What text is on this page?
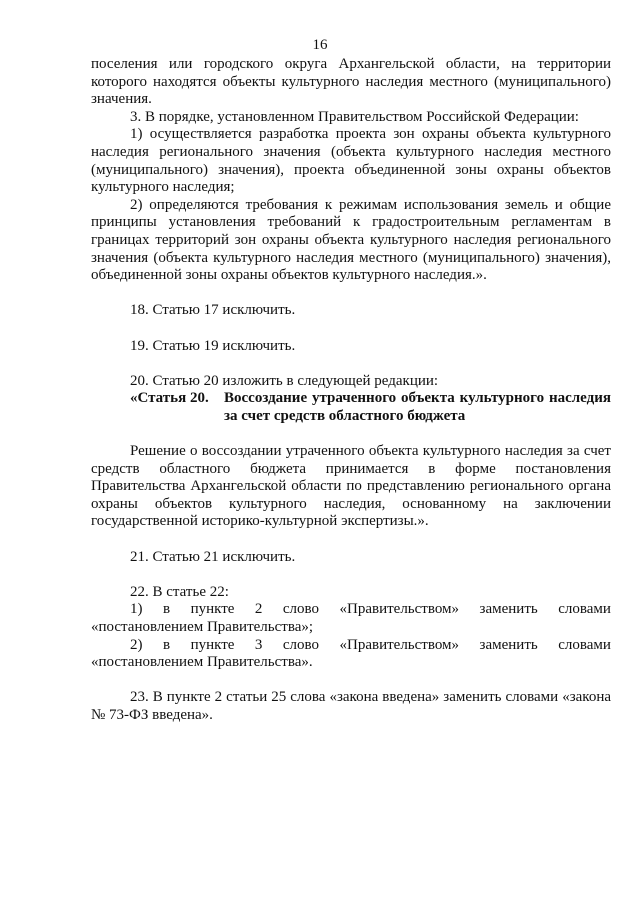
16

поселения или городского округа Архангельской области, на территории которого находятся объекты культурного наследия местного (муниципального) значения.

3. В порядке, установленном Правительством Российской Федерации:

1) осуществляется разработка проекта зон охраны объекта культурного наследия регионального значения (объекта культурного наследия местного (муниципального) значения), проекта объединенной зоны охраны объектов культурного наследия;

2) определяются требования к режимам использования земель и общие принципы установления требований к градостроительным регламентам в границах территорий зон охраны объекта культурного наследия регионального значения (объекта культурного наследия местного (муниципального) значения), объединенной зоны охраны объектов культурного наследия.».

18. Статью 17 исключить.

19. Статью 19 исключить.

20. Статью 20 изложить в следующей редакции:

«Статья 20.	Воссоздание утраченного объекта культурного наследия за счет средств областного бюджета

Решение о воссоздании утраченного объекта культурного наследия за счет средств областного бюджета принимается в форме постановления Правительства Архангельской области по представлению регионального органа охраны объектов культурного наследия, основанному на заключении государственной историко-культурной экспертизы.».

21. Статью 21 исключить.

22. В статье 22:

1) в пункте 2 слово «Правительством» заменить словами

«постановлением Правительства»;

2) в пункте 3 слово «Правительством» заменить словами

«постановлением Правительства».

23. В пункте 2 статьи 25 слова «закона введена» заменить словами «закона № 73-ФЗ введена».
